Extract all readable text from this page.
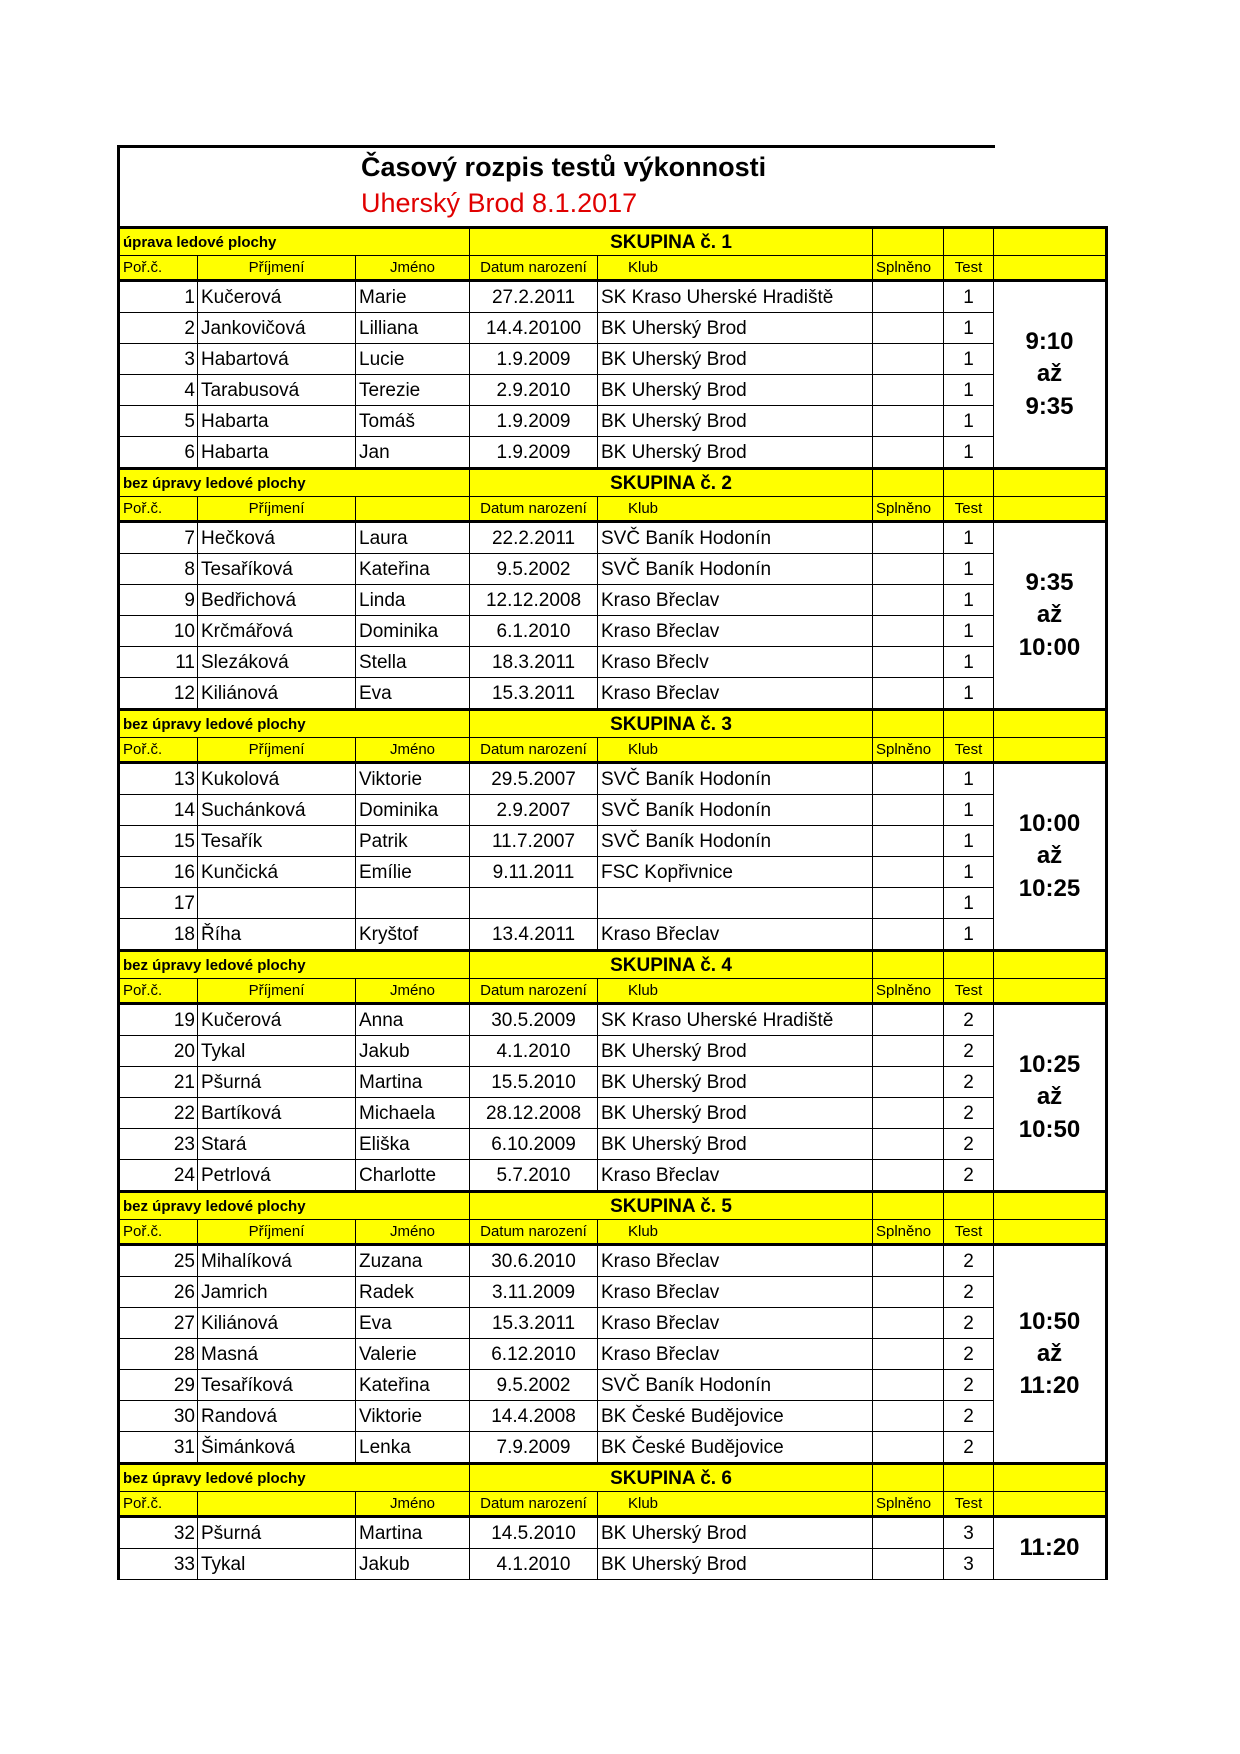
Časový rozpis testů výkonnosti
Uherský Brod 8.1.2017
úprava ledové plochy			SKUPINA č. 1				
Poř.č.	Příjmení	Jméno	Datum narození	Klub	Splněno	Test	
1	Kučerová	Marie	27.2.2011	SK Kraso Uherské Hradiště		1	9:10
až
9:35

2	Jankovičová	Lilliana	14.4.20100	BK Uherský Brod		1	
3	Habartová	Lucie	1.9.2009	BK Uherský Brod		1	
4	Tarabusová	Terezie	2.9.2010	BK Uherský Brod		1	
5	Habarta	Tomáš	1.9.2009	BK Uherský Brod		1	
6	Habarta	Jan	1.9.2009	BK Uherský Brod		1	
bez úpravy ledové plochy			SKUPINA č. 2				
Poř.č.	Příjmení		Datum narození	Klub	Splněno	Test	
7	Hečková	Laura	22.2.2011	SVČ Baník Hodonín		1	9:35
až
10:00

8	Tesaříková	Kateřina	9.5.2002	SVČ Baník Hodonín		1	
9	Bedřichová	Linda	12.12.2008	Kraso Břeclav		1	
10	Krčmářová	Dominika	6.1.2010	Kraso Břeclav		1	
11	Slezáková	Stella	18.3.2011	Kraso Břeclv		1	
12	Kiliánová	Eva	15.3.2011	Kraso Břeclav		1	
bez úpravy ledové plochy			SKUPINA č. 3				
Poř.č.	Příjmení	Jméno	Datum narození	Klub	Splněno	Test	
13	Kukolová	Viktorie	29.5.2007	SVČ Baník Hodonín		1	10:00
až
10:25

14	Suchánková	Dominika	2.9.2007	SVČ Baník Hodonín		1	
15	Tesařík	Patrik	11.7.2007	SVČ Baník Hodonín		1	
16	Kunčická	Emílie	9.11.2011	FSC Kopřivnice		1	
17						1	
18	Říha	Kryštof	13.4.2011	Kraso Břeclav		1	
bez úpravy ledové plochy			SKUPINA č. 4				
Poř.č.	Příjmení	Jméno	Datum narození	Klub	Splněno	Test	
19	Kučerová	Anna	30.5.2009	SK Kraso Uherské Hradiště		2	10:25
až
10:50

20	Tykal	Jakub	4.1.2010	BK Uherský Brod		2	
21	Pšurná	Martina	15.5.2010	BK Uherský Brod		2	
22	Bartíková	Michaela	28.12.2008	BK Uherský Brod		2	
23	Stará	Eliška	6.10.2009	BK Uherský Brod		2	
24	Petrlová	Charlotte	5.7.2010	Kraso Břeclav		2	
bez úpravy ledové plochy			SKUPINA č. 5				
Poř.č.	Příjmení	Jméno	Datum narození	Klub	Splněno	Test	
25	Mihalíková	Zuzana	30.6.2010	Kraso Břeclav		2	10:50
až
11:20

26	Jamrich	Radek	3.11.2009	Kraso Břeclav		2	
27	Kiliánová	Eva	15.3.2011	Kraso Břeclav		2	
28	Masná	Valerie	6.12.2010	Kraso Břeclav		2	
29	Tesaříková	Kateřina	9.5.2002	SVČ Baník Hodonín		2	
30	Randová	Viktorie	14.4.2008	BK České Budějovice		2	
31	Šimánková	Lenka	7.9.2009	BK České Budějovice		2	
bez úpravy ledové plochy			SKUPINA č. 6				
Poř.č.		Jméno	Datum narození	Klub	Splněno	Test	
32	Pšurná	Martina	14.5.2010	BK Uherský Brod		3	11:20

33	Tykal	Jakub	4.1.2010	BK Uherský Brod		3	
